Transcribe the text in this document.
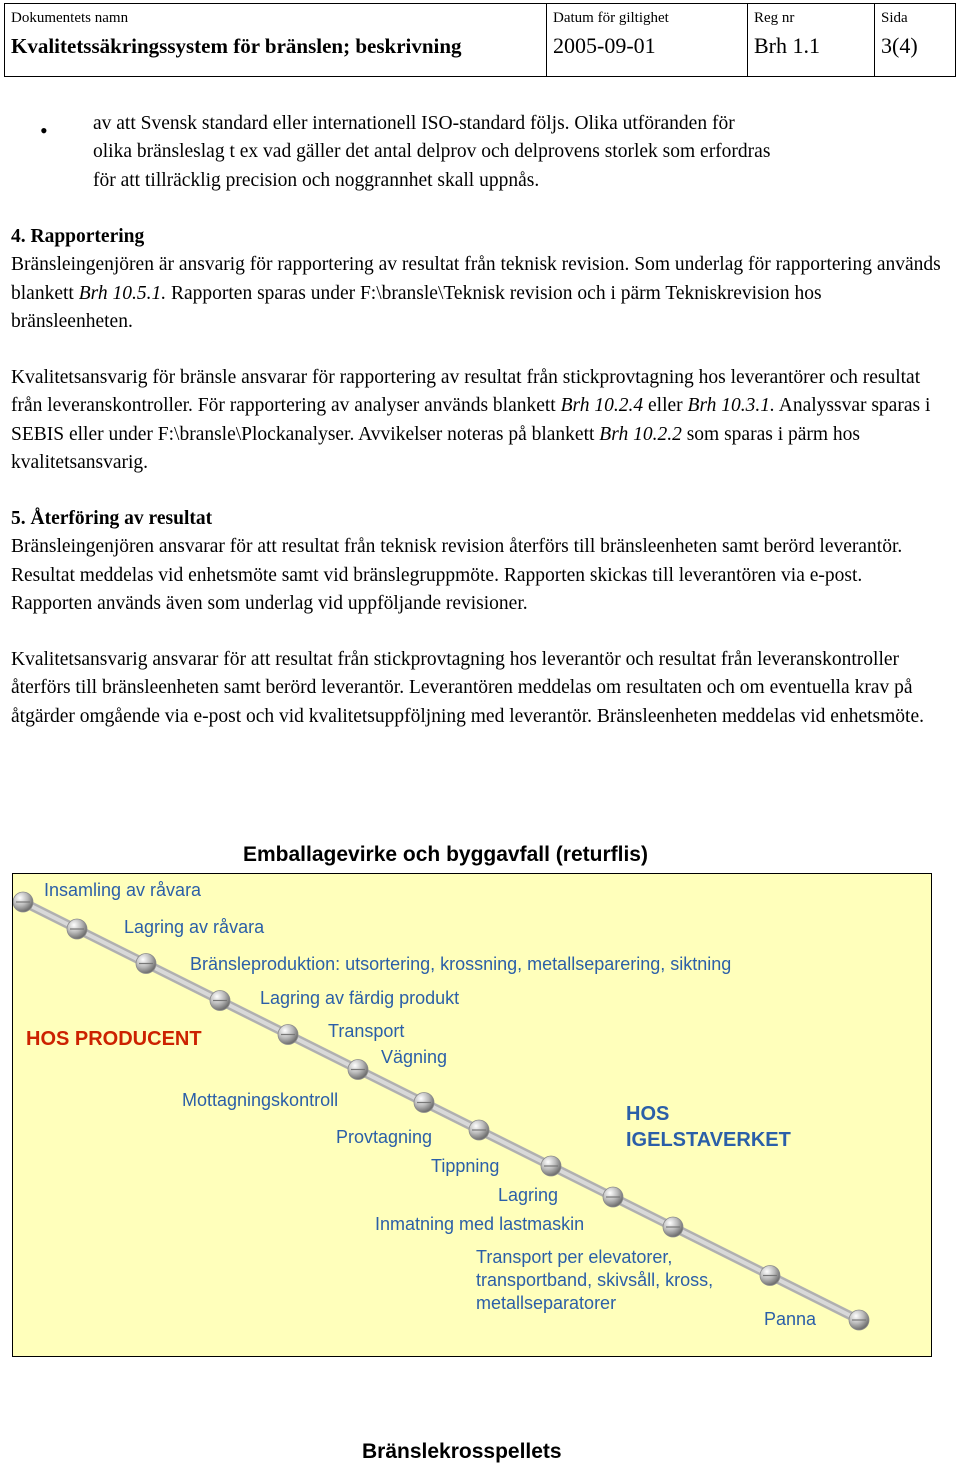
Dokumentets namn
Kvalitetssäkringssystem för bränslen; beskrivning
Datum för giltighet
2005-09-01
Reg nr
Brh 1.1
Sida
3(4)
• av att Svensk standard eller internationell ISO-standard följs. Olika utföranden för
olika bränsleslag t ex vad gäller det antal delprov och delprovens storlek som erfordras
för att tillräcklig precision och noggrannhet skall uppnås.

4. Rapportering

Bränsleingenjören är ansvarig för rapportering av resultat från teknisk revision. Som underlag för rapportering används blankett Brh 10.5.1. Rapporten sparas under F:\bransle\Teknisk revision och i pärm Tekniskrevision hos bränsleenheten.

Kvalitetsansvarig för bränsle ansvarar för rapportering av resultat från stickprovtagning hos leverantörer och resultat från leveranskontroller. För rapportering av analyser används blankett Brh 10.2.4 eller Brh 10.3.1. Analyssvar sparas i SEBIS eller under F:\bransle\Plockanalyser. Avvikelser noteras på blankett Brh 10.2.2 som sparas i pärm hos kvalitetsansvarig.

5. Återföring av resultat

Bränsleingenjören ansvarar för att resultat från teknisk revision återförs till bränsleenheten samt berörd leverantör. Resultat meddelas vid enhetsmöte samt vid bränslegruppmöte. Rapporten skickas till leverantören via e-post. Rapporten används även som underlag vid uppföljande revisioner.

Kvalitetsansvarig ansvarar för att resultat från stickprovtagning hos leverantör och resultat från leveranskontroller återförs till bränsleenheten samt berörd leverantör. Leverantören meddelas om resultaten och om eventuella krav på åtgärder omgående via e-post och vid kvalitetsuppföljning med leverantör. Bränsleenheten meddelas vid enhetsmöte.

Emballagevirke och byggavfall (returflis)
Insamling av råvara
Lagring av råvara
Bränsleproduktion: utsortering, krossning, metallseparering, siktning
Lagring av färdig produkt
Transport
Vägning
Mottagningskontroll
Provtagning
Tippning
Lagring
Inmatning med lastmaskin
Transport per elevatorer, transportband, skivsåll, kross, metallseparatorer
Panna
HOS PRODUCENT
HOS IGELSTAVERKET
Bränslekrosspellets
